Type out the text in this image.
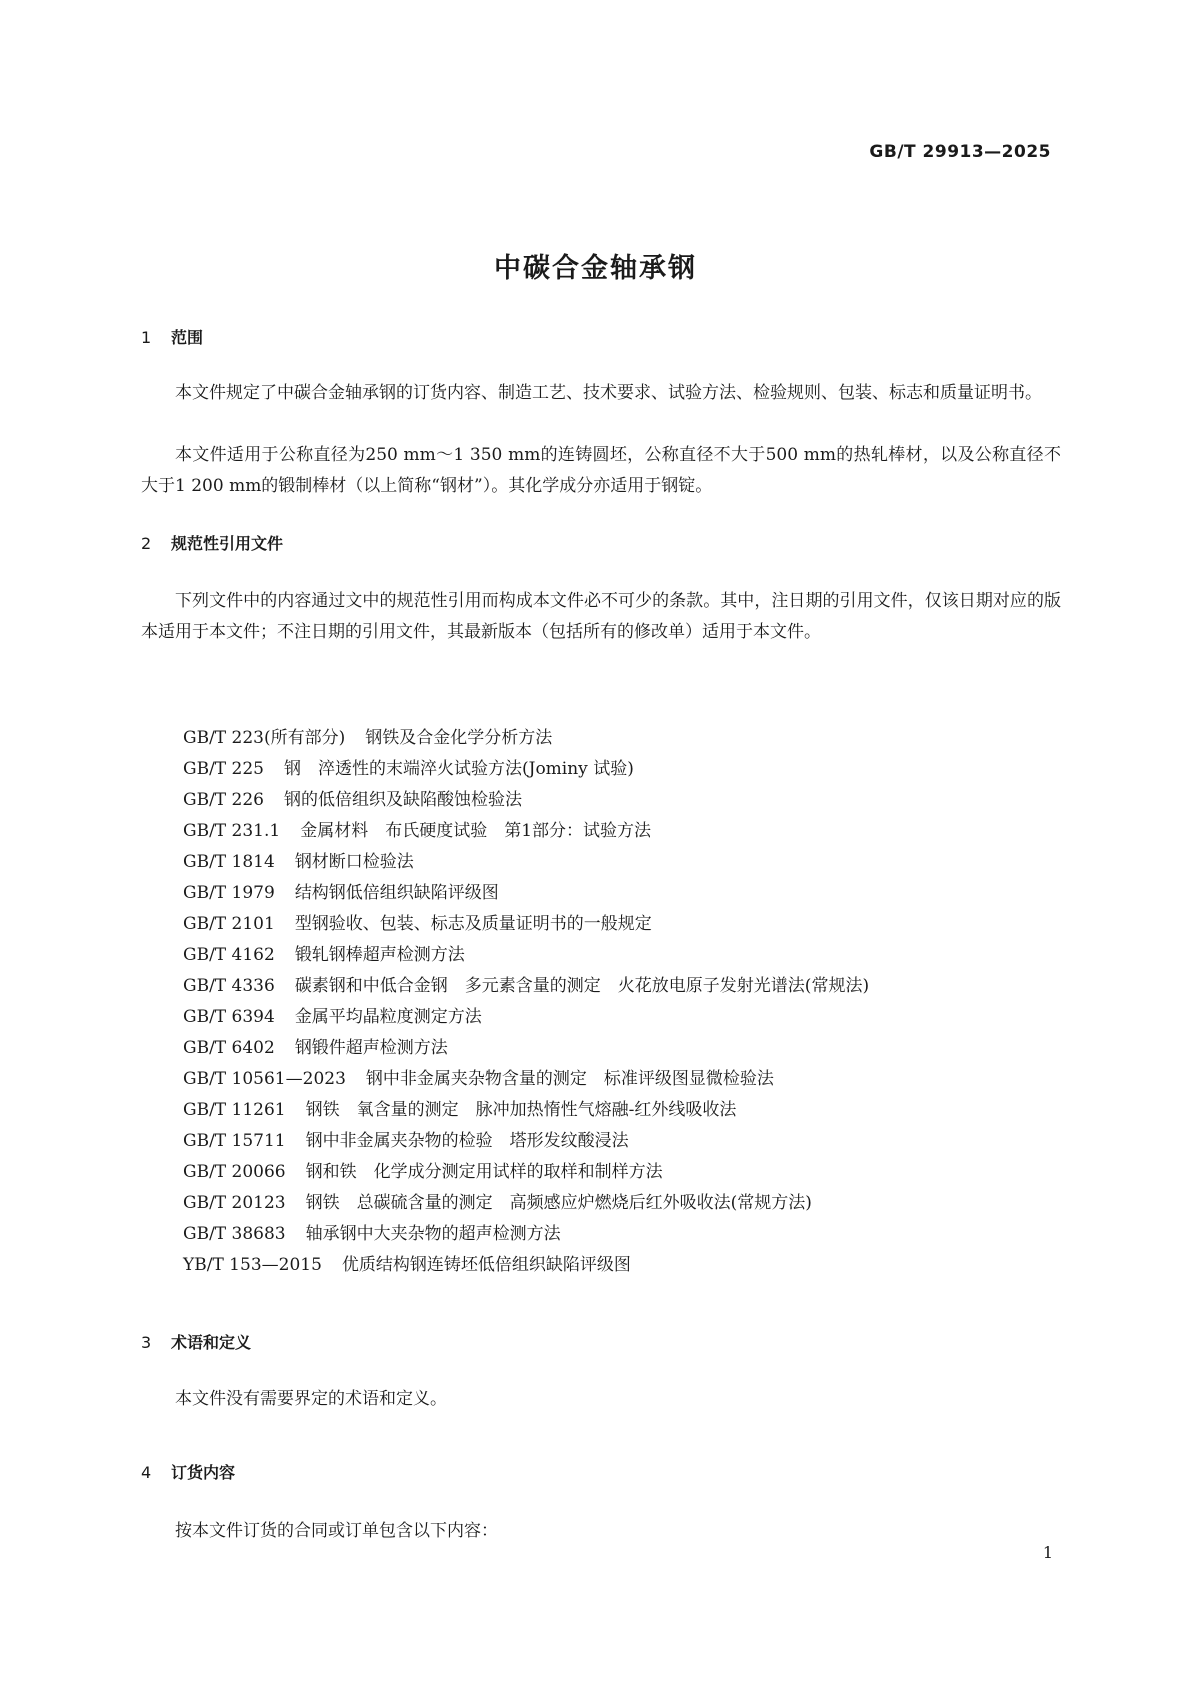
GB/T 29913—2025
中碳合金轴承钢
1 范围

本文件规定了中碳合金轴承钢的订货内容、制造工艺、技术要求、试验方法、检验规则、包装、标志和质量证明书。

本文件适用于公称直径为250 mm～1 350 mm的连铸圆坯，公称直径不大于500 mm的热轧棒材，以及公称直径不大于1 200 mm的锻制棒材（以上简称“钢材”）。其化学成分亦适用于钢锭。

2 规范性引用文件

下列文件中的内容通过文中的规范性引用而构成本文件必不可少的条款。其中，注日期的引用文件，仅该日期对应的版本适用于本文件；不注日期的引用文件，其最新版本（包括所有的修改单）适用于本文件。

GB/T 223(所有部分) 钢铁及合金化学分析方法
GB/T 225 钢　淬透性的末端淬火试验方法(Jominy 试验)
GB/T 226 钢的低倍组织及缺陷酸蚀检验法
GB/T 231.1 金属材料　布氏硬度试验　第1部分：试验方法
GB/T 1814 钢材断口检验法
GB/T 1979 结构钢低倍组织缺陷评级图
GB/T 2101 型钢验收、包装、标志及质量证明书的一般规定
GB/T 4162 锻轧钢棒超声检测方法
GB/T 4336 碳素钢和中低合金钢　多元素含量的测定　火花放电原子发射光谱法(常规法)
GB/T 6394 金属平均晶粒度测定方法
GB/T 6402 钢锻件超声检测方法
GB/T 10561—2023 钢中非金属夹杂物含量的测定　标准评级图显微检验法
GB/T 11261 钢铁　氧含量的测定　脉冲加热惰性气熔融-红外线吸收法
GB/T 15711 钢中非金属夹杂物的检验　塔形发纹酸浸法
GB/T 20066 钢和铁　化学成分测定用试样的取样和制样方法
GB/T 20123 钢铁　总碳硫含量的测定　高频感应炉燃烧后红外吸收法(常规方法)
GB/T 38683 轴承钢中大夹杂物的超声检测方法
YB/T 153—2015 优质结构钢连铸坯低倍组织缺陷评级图
3 术语和定义

本文件没有需要界定的术语和定义。

4 订货内容

按本文件订货的合同或订单包含以下内容：

1
